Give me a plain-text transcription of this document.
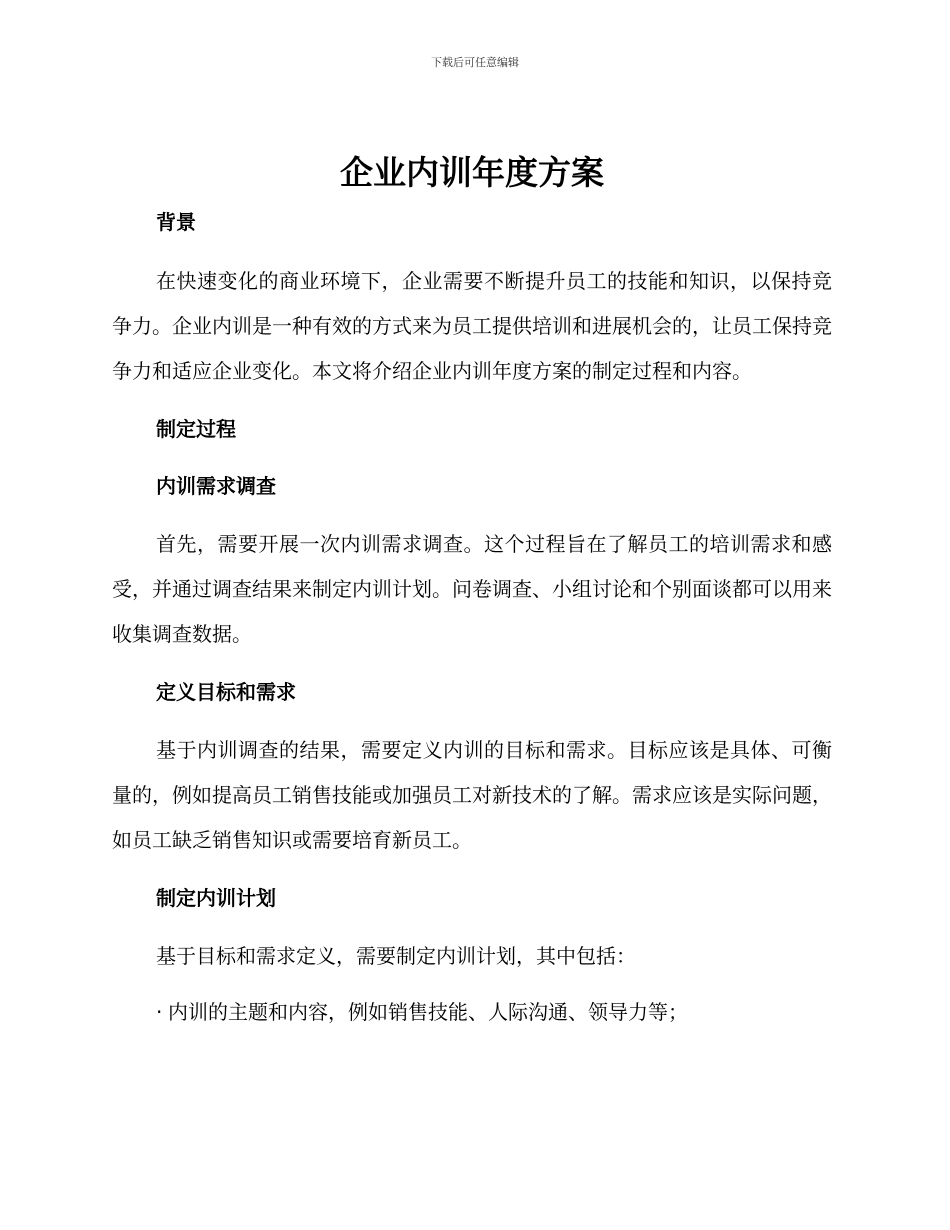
下载后可任意编辑
企业内训年度方案
背景

在快速变化的商业环境下，企业需要不断提升员工的技能和知识，以保持竞争力。企业内训是一种有效的方式来为员工提供培训和进展机会的，让员工保持竞争力和适应企业变化。本文将介绍企业内训年度方案的制定过程和内容。

制定过程
内训需求调查

首先，需要开展一次内训需求调查。这个过程旨在了解员工的培训需求和感受，并通过调查结果来制定内训计划。问卷调查、小组讨论和个别面谈都可以用来收集调查数据。

定义目标和需求

基于内训调查的结果，需要定义内训的目标和需求。目标应该是具体、可衡量的，例如提高员工销售技能或加强员工对新技术的了解。需求应该是实际问题，如员工缺乏销售知识或需要培育新员工。

制定内训计划

基于目标和需求定义，需要制定内训计划，其中包括：

· 内训的主题和内容，例如销售技能、人际沟通、领导力等；
